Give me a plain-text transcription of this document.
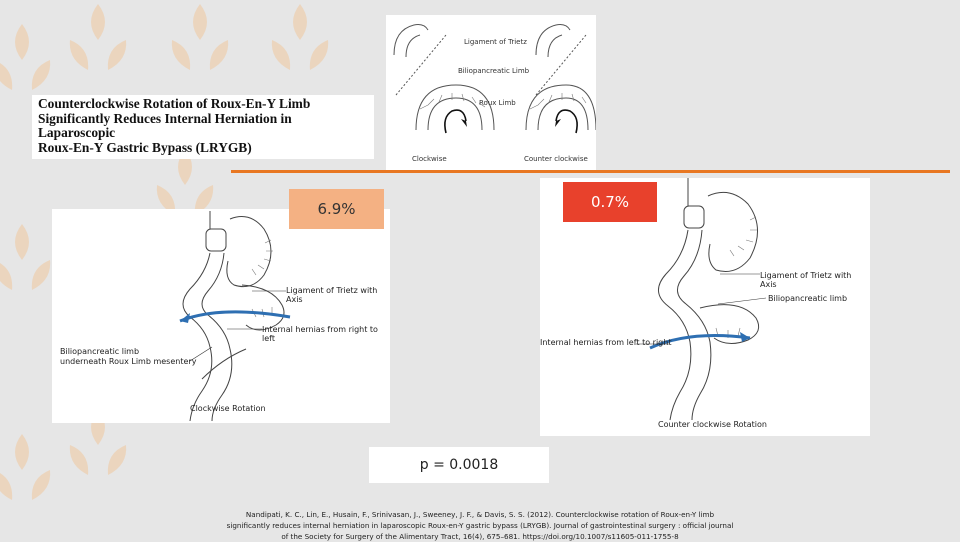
Counterclockwise Rotation of Roux-En-Y Limb
Significantly Reduces Internal Herniation in Laparoscopic
Roux-En-Y Gastric Bypass (LRYGB)
Ligament of Trietz
Biliopancreatic Limb
Roux Limb
Clockwise	Counter clockwise
Ligament of Trietz with Axis
Internal hernias from right to left
Biliopancreatic limb
underneath Roux Limb mesentery
Clockwise Rotation
6.9%
Ligament of Trietz with Axis
Biliopancreatic limb
Internal hernias from left to right
Counter clockwise Rotation
0.7%
p = 0.0018
Nandipati, K. C., Lin, E., Husain, F., Srinivasan, J., Sweeney, J. F., & Davis, S. S. (2012). Counterclockwise rotation of Roux-en-Y limb
significantly reduces internal herniation in laparoscopic Roux-en-Y gastric bypass (LRYGB). Journal of gastrointestinal surgery : official journal
of the Society for Surgery of the Alimentary Tract, 16(4), 675–681. https://doi.org/10.1007/s11605-011-1755-8
